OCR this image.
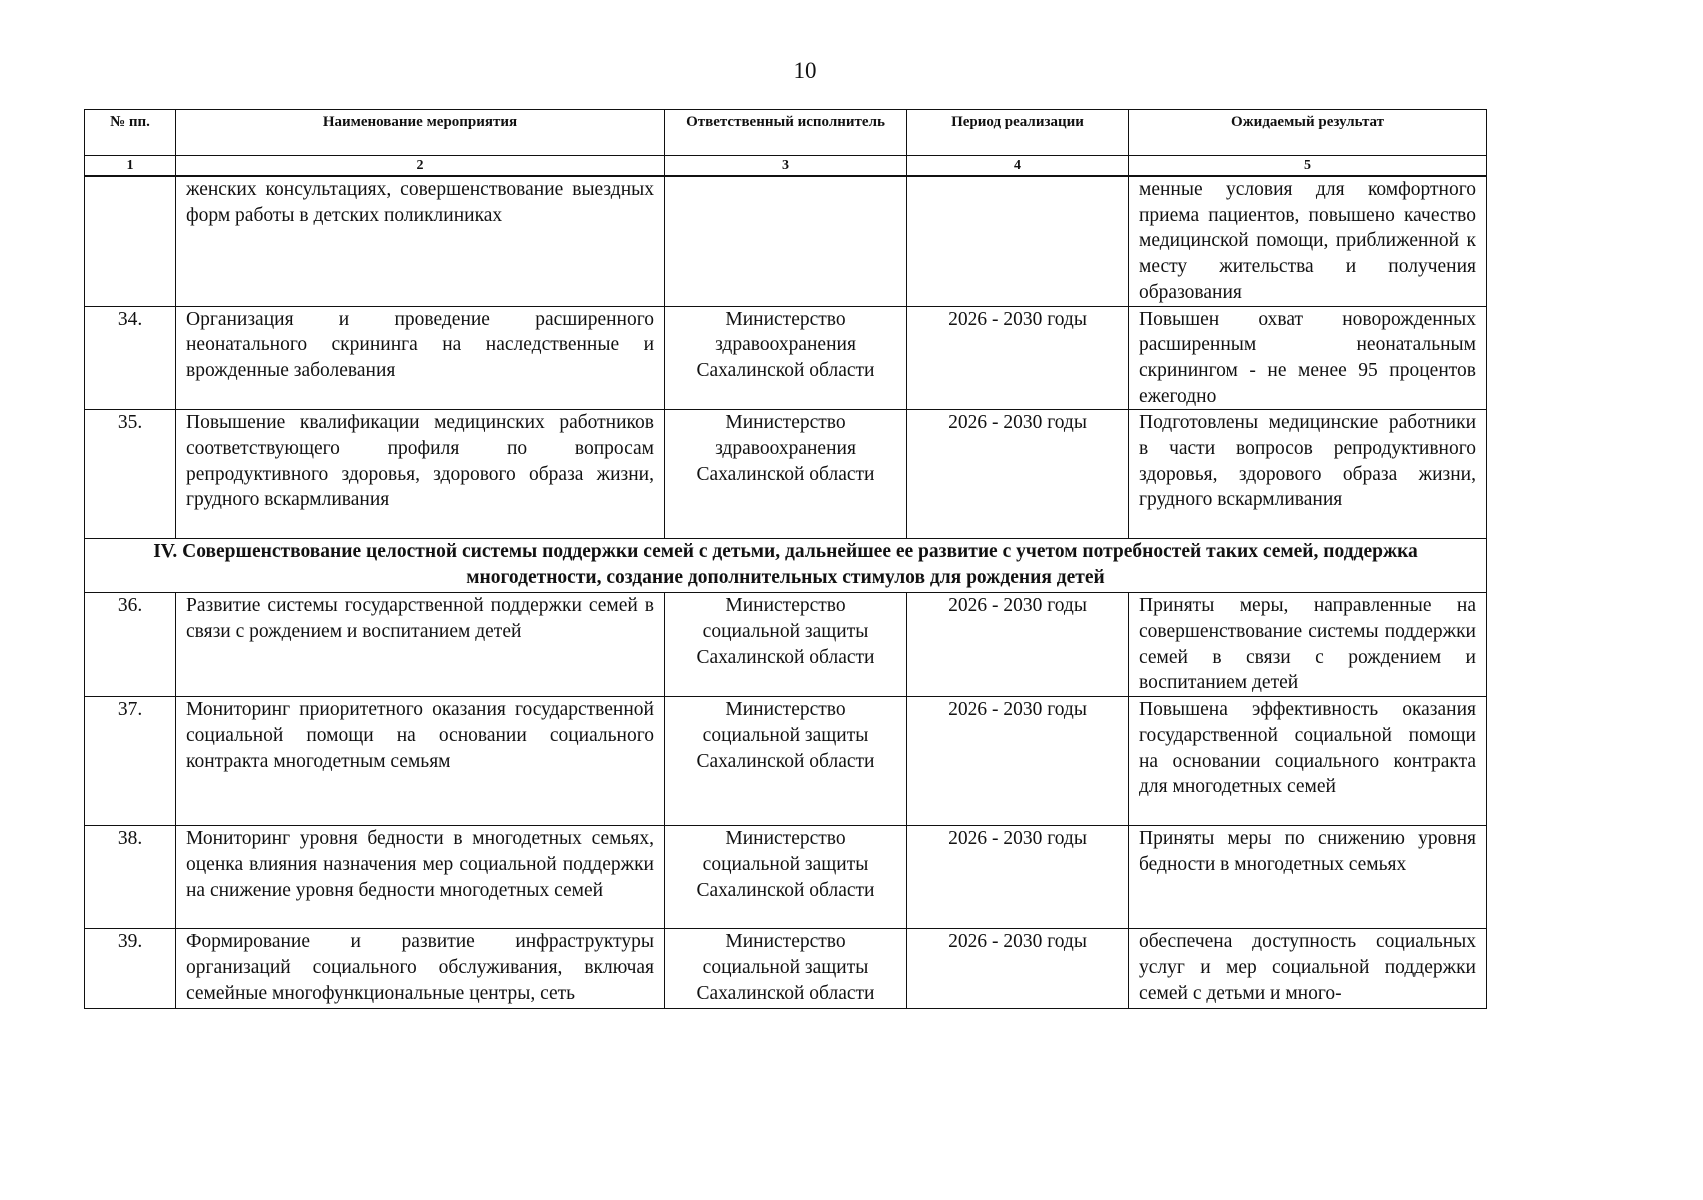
10
№ пп.	Наименование мероприятия	Ответственный исполнитель	Период реализации	Ожидаемый результат
1	2	3	4	5
	женских консультациях, совершенствование выездных форм работы в детских поликлиниках			менные условия для комфортного приема пациентов, повышено качество медицинской помощи, приближенной к месту жительства и получения образования
34.	Организация и проведение расширенного неонатального скрининга на наследственные и врожденные заболевания	Министерство здравоохранения Сахалинской области	2026 - 2030 годы	Повышен охват новорожденных расширенным неонатальным скринингом - не менее 95 процентов ежегодно
35.	Повышение квалификации медицинских работников соответствующего профиля по вопросам репродуктивного здоровья, здорового образа жизни, грудного вскармливания	Министерство здравоохранения Сахалинской области	2026 - 2030 годы	Подготовлены медицинские работники в части вопросов репродуктивного здоровья, здорового образа жизни, грудного вскармливания
IV. Совершенствование целостной системы поддержки семей с детьми, дальнейшее ее развитие с учетом потребностей таких семей, поддержка многодетности, создание дополнительных стимулов для рождения детей				
36.	Развитие системы государственной поддержки семей в связи с рождением и воспитанием детей	Министерство социальной защиты Сахалинской области	2026 - 2030 годы	Приняты меры, направленные на совершенствование системы поддержки семей в связи с рождением и воспитанием детей
37.	Мониторинг приоритетного оказания государственной социальной помощи на основании социального контракта многодетным семьям	Министерство социальной защиты Сахалинской области	2026 - 2030 годы	Повышена эффективность оказания государственной социальной помощи на основании социального контракта для многодетных семей
38.	Мониторинг уровня бедности в многодетных семьях, оценка влияния назначения мер социальной поддержки на снижение уровня бедности многодетных семей	Министерство социальной защиты Сахалинской области	2026 - 2030 годы	Приняты меры по снижению уровня бедности в многодетных семьях
39.	Формирование и развитие инфраструктуры организаций социального обслуживания, включая семейные многофункциональные центры, сеть	Министерство социальной защиты Сахалинской области	2026 - 2030 годы	обеспечена доступность социальных услуг и мер социальной поддержки семей с детьми и много-
